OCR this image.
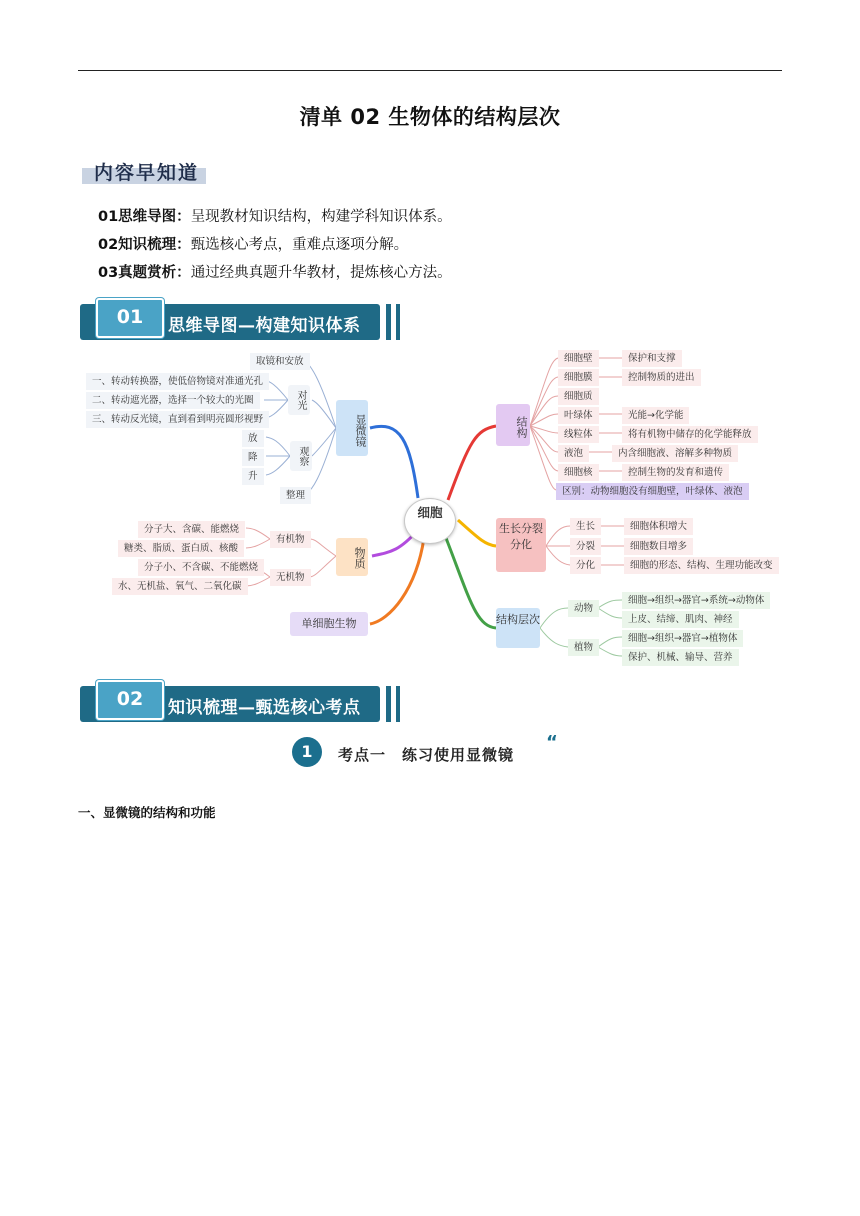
清单 02 生物体的结构层次
内容早知道
01思维导图：呈现教材知识结构，构建学科知识体系。
02知识梳理：甄选核心考点，重难点逐项分解。
03真题赏析：通过经典真题升华教材，提炼核心方法。
01	思维导图—构建知识体系
细胞
显微镜
取镜和安放
对光
一、转动转换器，使低倍物镜对准通光孔
二、转动遮光器，选择一个较大的光圈
三、转动反光镜，直到看到明亮圆形视野
观察
放
降
升
整理
物质
有机物
无机物
分子大、含碳、能燃烧
糖类、脂质、蛋白质、核酸
分子小、不含碳、不能燃烧
水、无机盐、氧气、二氧化碳
单细胞生物
结构
细胞壁	保护和支撑
细胞膜	控制物质的进出
细胞质
叶绿体	光能→化学能
线粒体	将有机物中储存的化学能释放
液泡	内含细胞液、溶解多种物质
细胞核	控制生物的发育和遗传
区别：动物细胞没有细胞壁，叶绿体、液泡
生长分裂分化
生长	细胞体积增大
分裂	细胞数目增多
分化	细胞的形态、结构、生理功能改变
结构层次
动物
植物
细胞→组织→器官→系统→动物体
上皮、结缔、肌肉、神经
细胞→组织→器官→植物体
保护、机械、输导、营养
02	知识梳理—甄选核心考点
1	考点一　练习使用显微镜
“
一、显微镜的结构和功能
